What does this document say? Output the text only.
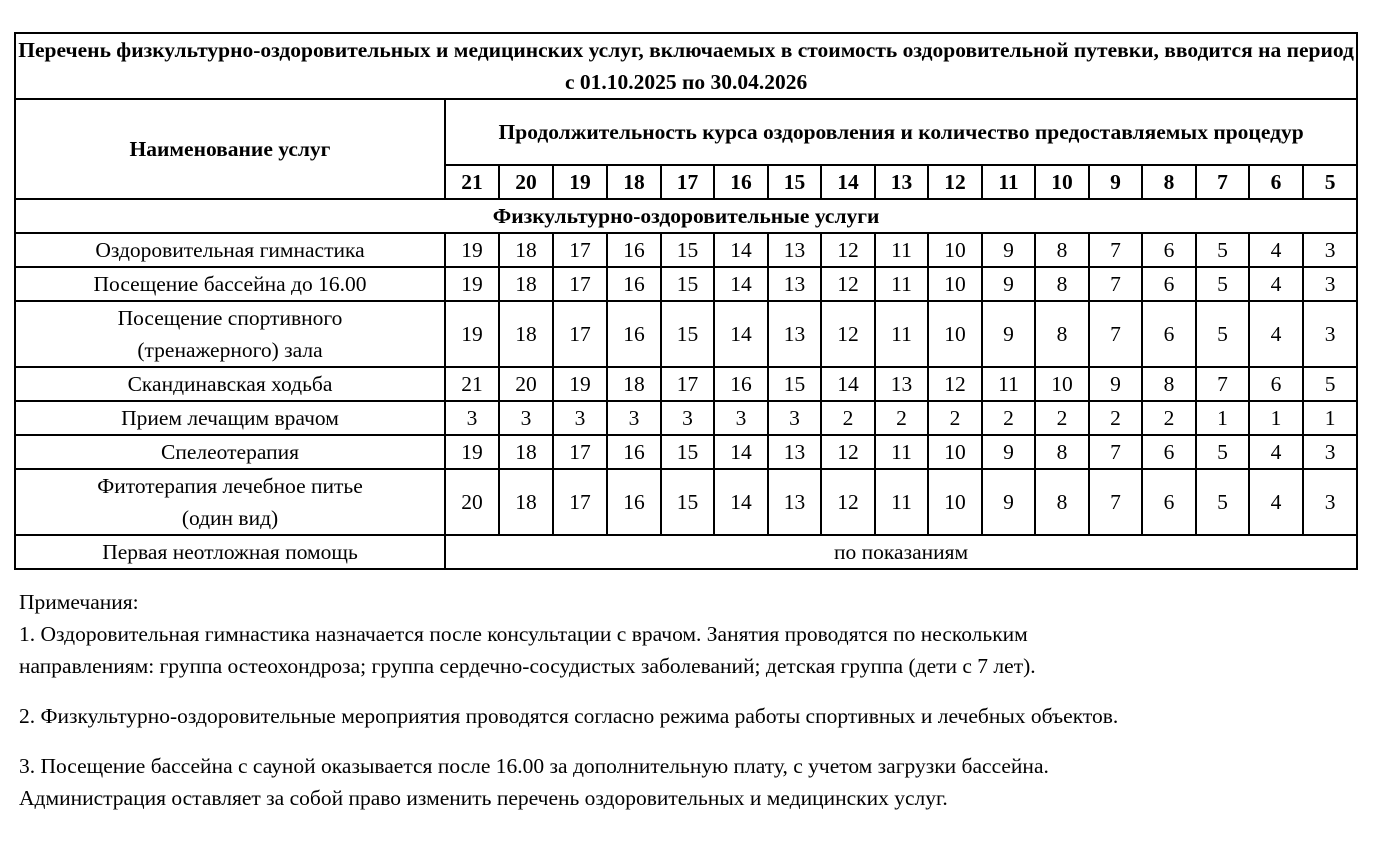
Перечень физкультурно-оздоровительных и медицинских услуг, включаемых в стоимость оздоровительной путевки, вводится на период с 01.10.2025 по 30.04.2026																	
Наименование услуг	Продолжительность курса оздоровления и количество предоставляемых процедур																
	21	20	19	18	17	16	15	14	13	12	11	10	9	8	7	6	5
Физкультурно-оздоровительные услуги																	
Оздоровительная гимнастика	19	18	17	16	15	14	13	12	11	10	9	8	7	6	5	4	3
Посещение бассейна до 16.00	19	18	17	16	15	14	13	12	11	10	9	8	7	6	5	4	3

Посещение спортивного
(тренажерного) зала	19	18	17	16	15	14	13	12	11	10	9	8	7	6	5	4	3
Скандинавская ходьба	21	20	19	18	17	16	15	14	13	12	11	10	9	8	7	6	5
Прием лечащим врачом	3	3	3	3	3	3	3	2	2	2	2	2	2	2	1	1	1
Спелеотерапия	19	18	17	16	15	14	13	12	11	10	9	8	7	6	5	4	3

Фитотерапия лечебное питье
(один вид)	20	18	17	16	15	14	13	12	11	10	9	8	7	6	5	4	3
Первая неотложная помощь	по показаниям																

Примечания:

1. Оздоровительная гимнастика назначается после консультации с врачом. Занятия проводятся по нескольким

направлениям: группа остеохондроза; группа сердечно-сосудистых заболеваний; детская группа (дети с 7 лет).

2. Физкультурно-оздоровительные мероприятия проводятся согласно режима работы спортивных и лечебных объектов.

3. Посещение бассейна с сауной оказывается после 16.00 за дополнительную плату, с учетом загрузки бассейна.

Администрация оставляет за собой право изменить перечень оздоровительных и медицинских услуг.
